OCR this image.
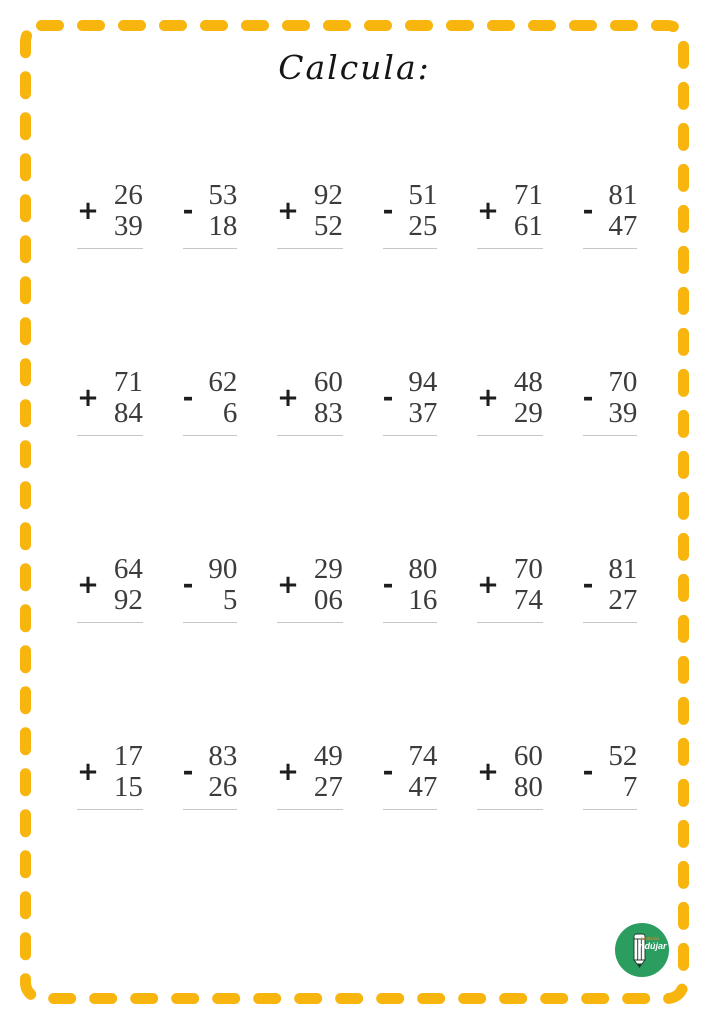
Calcula:
+ 26
39 - 53
18 + 92
52 - 51
25 + 71
61 - 81
47
+ 71
84 - 62
6 + 60
83 - 94
37 + 48
29 - 70
39
+ 64
92 - 90
5 + 29
06 - 80
16 + 70
74 - 81
27
+ 17
15 - 83
26 + 49
27 - 74
47 + 60
80 - 52
7
fundación
ndújar
